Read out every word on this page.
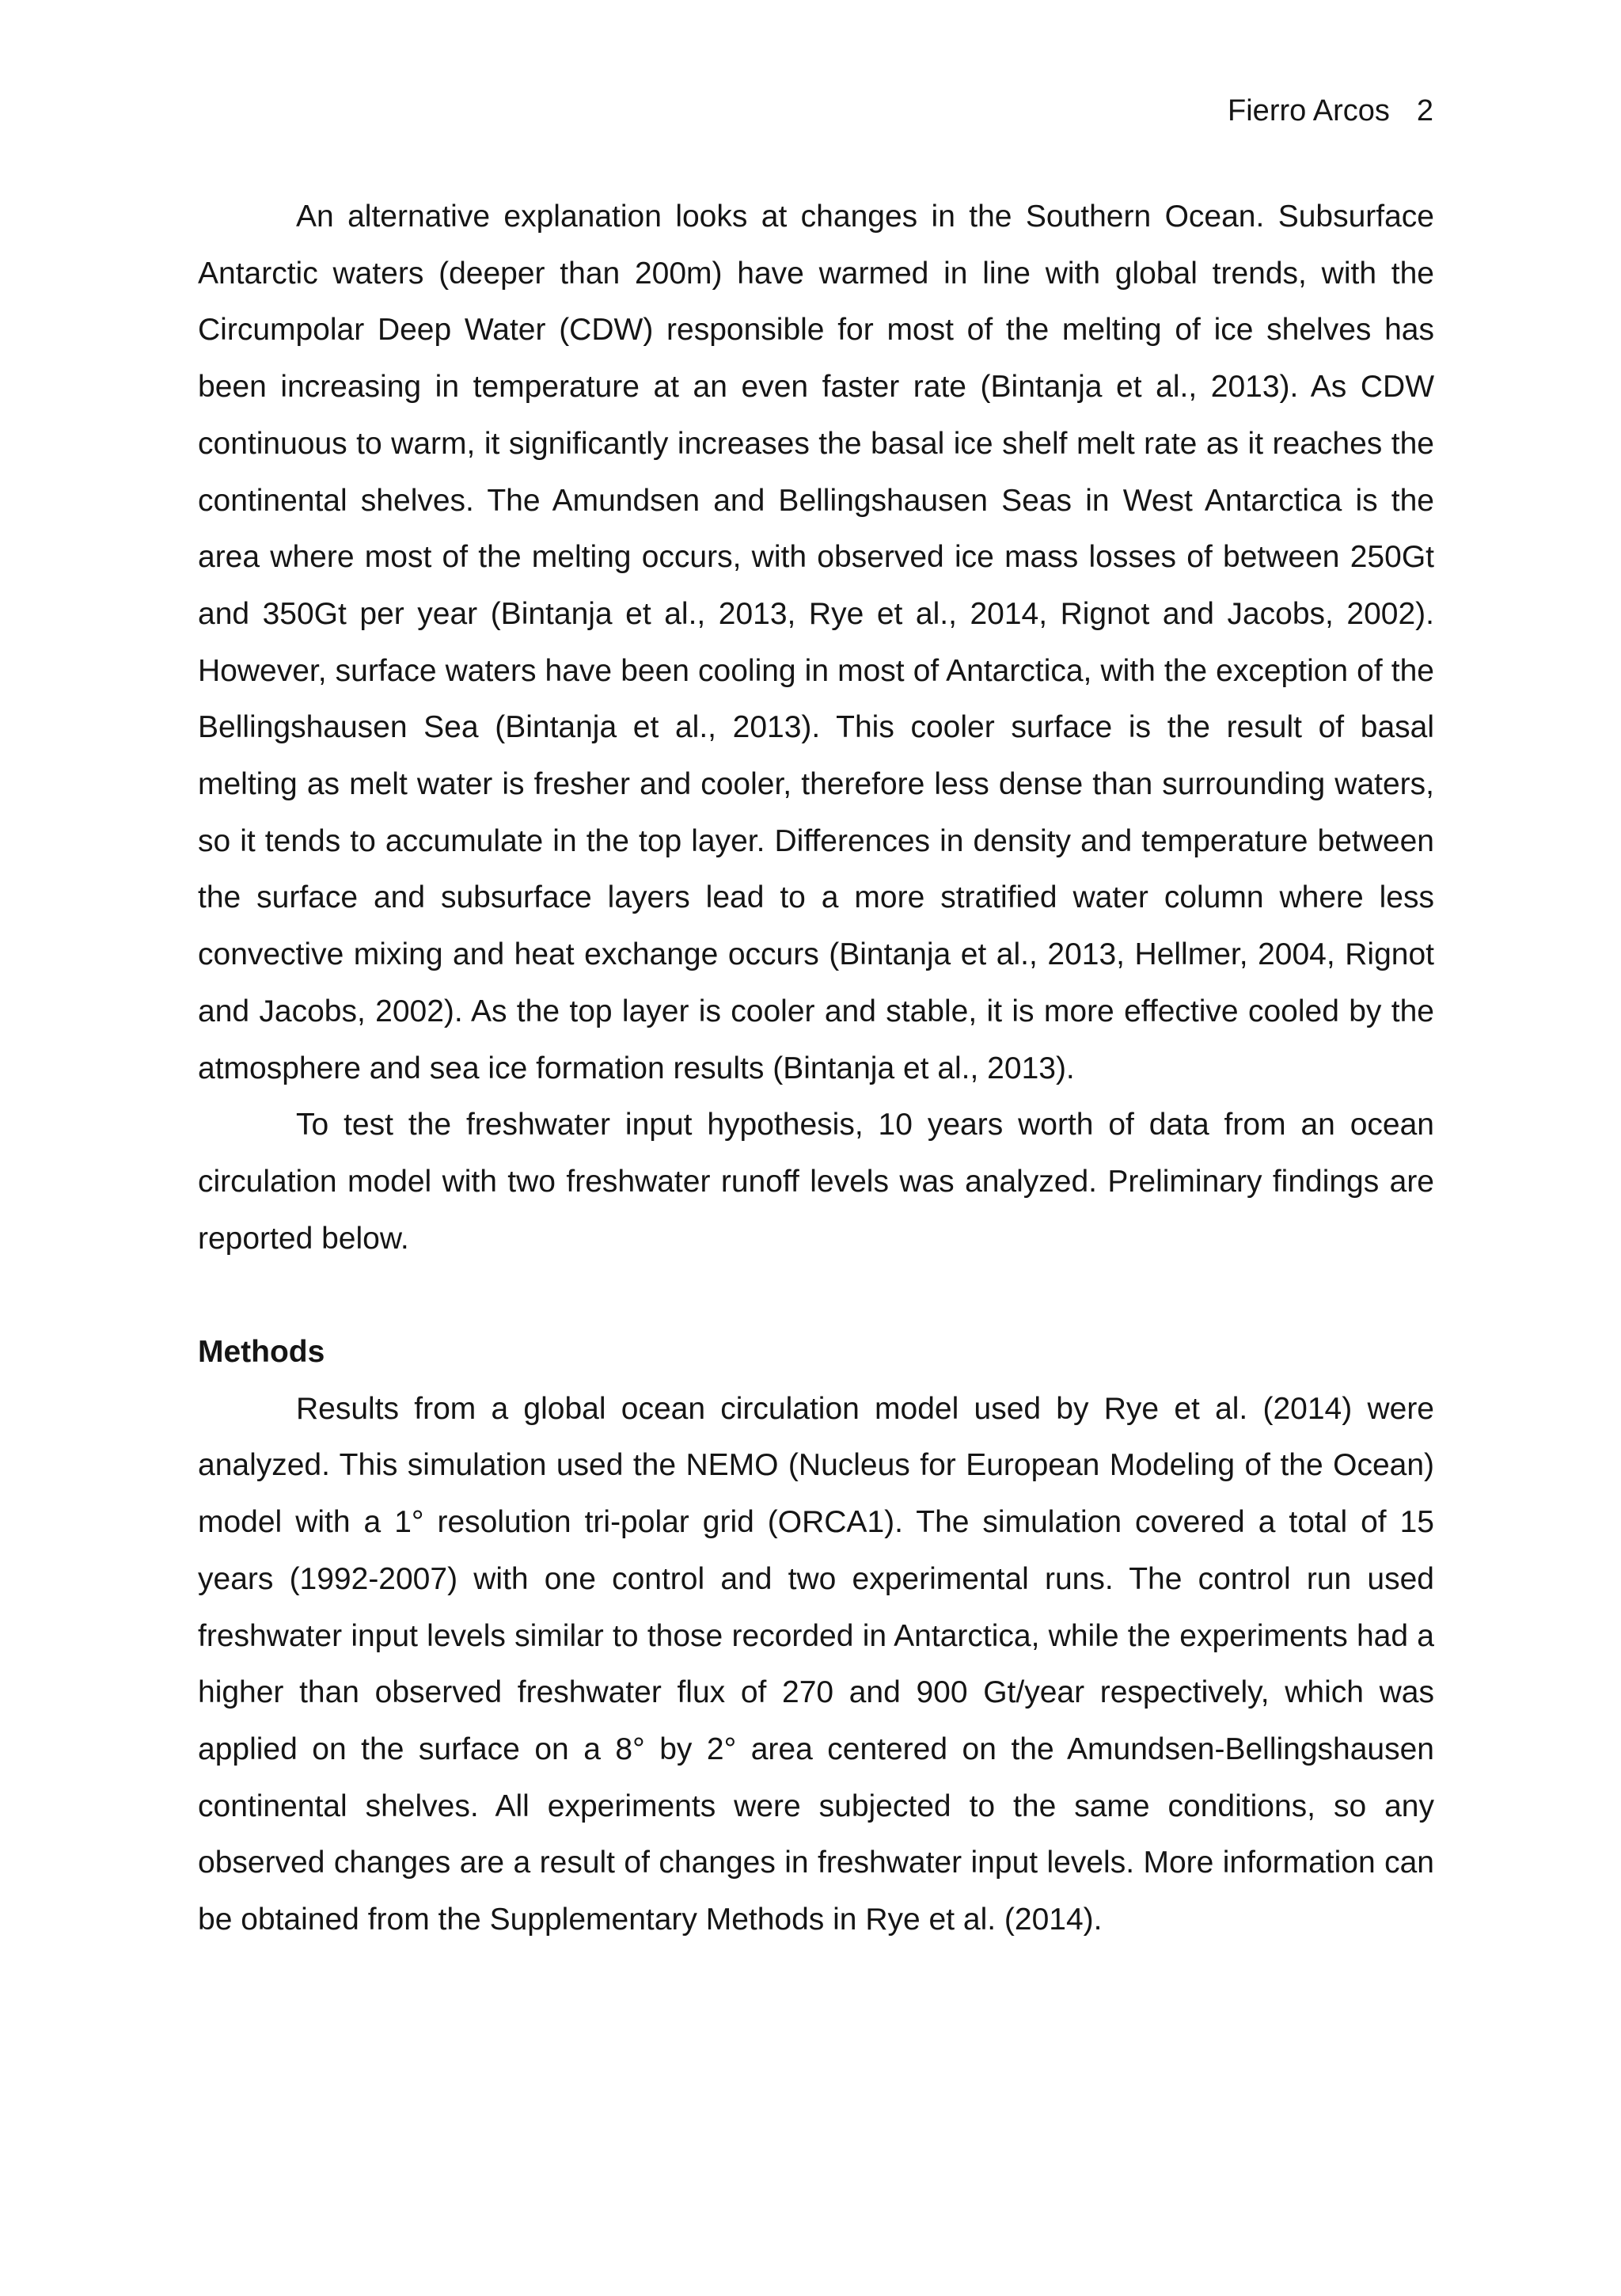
Fierro Arcos 2

An alternative explanation looks at changes in the Southern Ocean. Subsurface Antarctic waters (deeper than 200m) have warmed in line with global trends, with the Circumpolar Deep Water (CDW) responsible for most of the melting of ice shelves has been increasing in temperature at an even faster rate (Bintanja et al., 2013). As CDW continuous to warm, it significantly increases the basal ice shelf melt rate as it reaches the continental shelves. The Amundsen and Bellingshausen Seas in West Antarctica is the area where most of the melting occurs, with observed ice mass losses of between 250Gt and 350Gt per year (Bintanja et al., 2013, Rye et al., 2014, Rignot and Jacobs, 2002). However, surface waters have been cooling in most of Antarctica, with the exception of the Bellingshausen Sea (Bintanja et al., 2013). This cooler surface is the result of basal melting as melt water is fresher and cooler, therefore less dense than surrounding waters, so it tends to accumulate in the top layer. Differences in density and temperature between the surface and subsurface layers lead to a more stratified water column where less convective mixing and heat exchange occurs (Bintanja et al., 2013, Hellmer, 2004, Rignot and Jacobs, 2002). As the top layer is cooler and stable, it is more effective cooled by the atmosphere and sea ice formation results (Bintanja et al., 2013).

To test the freshwater input hypothesis, 10 years worth of data from an ocean circulation model with two freshwater runoff levels was analyzed. Preliminary findings are reported below.

Methods

Results from a global ocean circulation model used by Rye et al. (2014) were analyzed. This simulation used the NEMO (Nucleus for European Modeling of the Ocean) model with a 1° resolution tri-polar grid (ORCA1). The simulation covered a total of 15 years (1992-2007) with one control and two experimental runs. The control run used freshwater input levels similar to those recorded in Antarctica, while the experiments had a higher than observed freshwater flux of 270 and 900 Gt/year respectively, which was applied on the surface on a 8° by 2° area centered on the Amundsen-Bellingshausen continental shelves. All experiments were subjected to the same conditions, so any observed changes are a result of changes in freshwater input levels. More information can be obtained from the Supplementary Methods in Rye et al. (2014).
